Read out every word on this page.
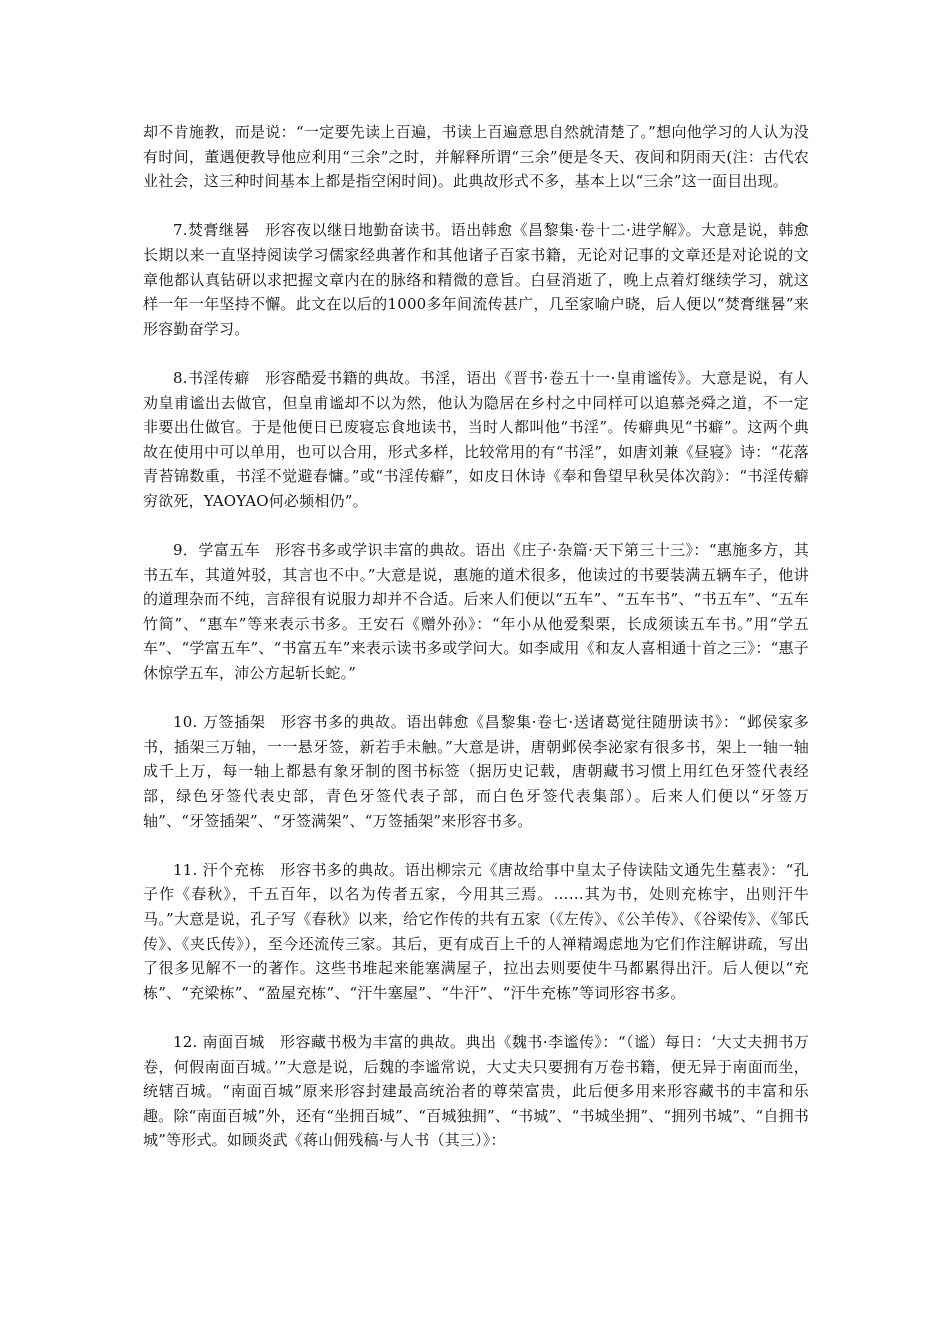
却不肯施教，而是说：“一定要先读上百遍，书读上百遍意思自然就清楚了。”想向他学习的人认为没有时间，董遇便教导他应利用“三余”之时，并解释所谓“三余”便是冬天、夜间和阴雨天(注：古代农业社会，这三种时间基本上都是指空闲时间)。此典故形式不多，基本上以“三余”这一面目出现。

7.焚膏继晷　形容夜以继日地勤奋读书。语出韩愈《昌黎集·卷十二·进学解》。大意是说，韩愈长期以来一直坚持阅读学习儒家经典著作和其他诸子百家书籍，无论对记事的文章还是对论说的文章他都认真钻研以求把握文章内在的脉络和精微的意旨。白昼消逝了，晚上点着灯继续学习，就这样一年一年坚持不懈。此文在以后的1000多年间流传甚广，几至家喻户晓，后人便以“焚膏继晷”来形容勤奋学习。

8.书淫传癖　形容酷爱书籍的典故。书淫，语出《晋书·卷五十一·皇甫谧传》。大意是说，有人劝皇甫谧出去做官，但皇甫谧却不以为然，他认为隐居在乡村之中同样可以追慕尧舜之道，不一定非要出仕做官。于是他便日已废寝忘食地读书，当时人都叫他“书淫”。传癖典见“书癖”。这两个典故在使用中可以单用，也可以合用，形式多样，比较常用的有“书淫”，如唐刘兼《昼寝》诗：“花落青苔锦数重，书淫不觉避春慵。”或“书淫传癖”，如皮日休诗《奉和鲁望早秋吴体次韵》：“书淫传癖穷欲死，YAOYAO何必频相仍”。

9．学富五车　形容书多或学识丰富的典故。语出《庄子·杂篇·天下第三十三》：“惠施多方，其书五车，其道舛驳，其言也不中。”大意是说，惠施的道术很多，他读过的书要装满五辆车子，他讲的道理杂而不纯，言辞很有说服力却并不合适。后来人们便以“五车”、“五车书”、“书五车”、“五车竹简”、“惠车”等来表示书多。王安石《赠外孙》：“年小从他爱梨栗，长成须读五车书。”用“学五车”、“学富五车”、“书富五车”来表示读书多或学问大。如李咸用《和友人喜相通十首之三》：“惠子休惊学五车，沛公方起斩长蛇。”

10. 万签插架　形容书多的典故。语出韩愈《昌黎集·卷七·送诸葛觉往随册读书》：“邺侯家多书，插架三万轴，一一悬牙签，新若手未触。”大意是讲，唐朝邺侯李泌家有很多书，架上一轴一轴成千上万，每一轴上都悬有象牙制的图书标签（据历史记载，唐朝藏书习惯上用红色牙签代表经部，绿色牙签代表史部，青色牙签代表子部，而白色牙签代表集部）。后来人们便以“牙签万轴”、“牙签插架”、“牙签满架”、“万签插架”来形容书多。

11. 汗个充栋　形容书多的典故。语出柳宗元《唐故给事中皇太子侍读陆文通先生墓表》：“孔子作《春秋》，千五百年，以名为传者五家，今用其三焉。……其为书，处则充栋宇，出则汗牛马。”大意是说，孔子写《春秋》以来，给它作传的共有五家（《左传》、《公羊传》、《谷梁传》、《邹氏传》、《夹氏传》），至今还流传三家。其后，更有成百上千的人禅精竭虑地为它们作注解讲疏，写出了很多见解不一的著作。这些书堆起来能塞满屋子，拉出去则要使牛马都累得出汗。后人便以“充栋”、“充梁栋”、“盈屋充栋”、“汗牛塞屋”、“牛汗”、“汗牛充栋”等词形容书多。

12. 南面百城　形容藏书极为丰富的典故。典出《魏书·李谧传》：“（谧）每日：‘大丈夫拥书万卷，何假南面百城。’”大意是说，后魏的李谧常说，大丈夫只要拥有万卷书籍，便无异于南面而坐，统辖百城。“南面百城”原来形容封建最高统治者的尊荣富贵，此后便多用来形容藏书的丰富和乐趣。除“南面百城”外，还有“坐拥百城”、“百城独拥”、“书城”、“书城坐拥”、“拥列书城”、“自拥书城”等形式。如顾炎武《蒋山佣残稿·与人书（其三）》：
